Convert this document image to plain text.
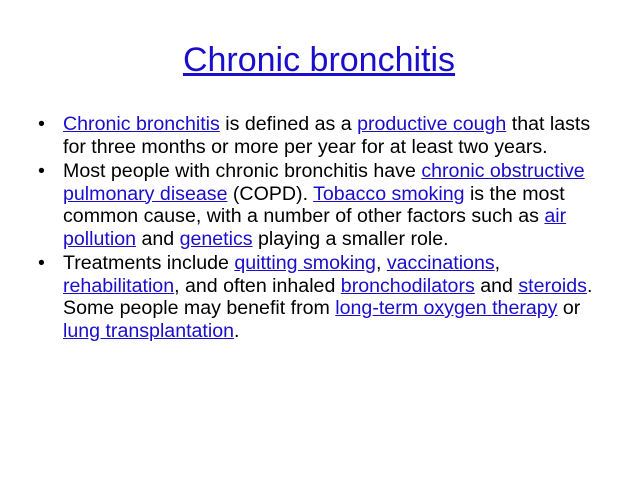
Chronic bronchitis
• Chronic bronchitis is defined as a productive cough that lasts for three months or more per year for at least two years.
• Most people with chronic bronchitis have chronic obstructive pulmonary disease (COPD). Tobacco smoking is the most common cause, with a number of other factors such as air pollution and genetics playing a smaller role.
• Treatments include quitting smoking, vaccinations, rehabilitation, and often inhaled bronchodilators and steroids. Some people may benefit from long-term oxygen therapy or lung transplantation.
